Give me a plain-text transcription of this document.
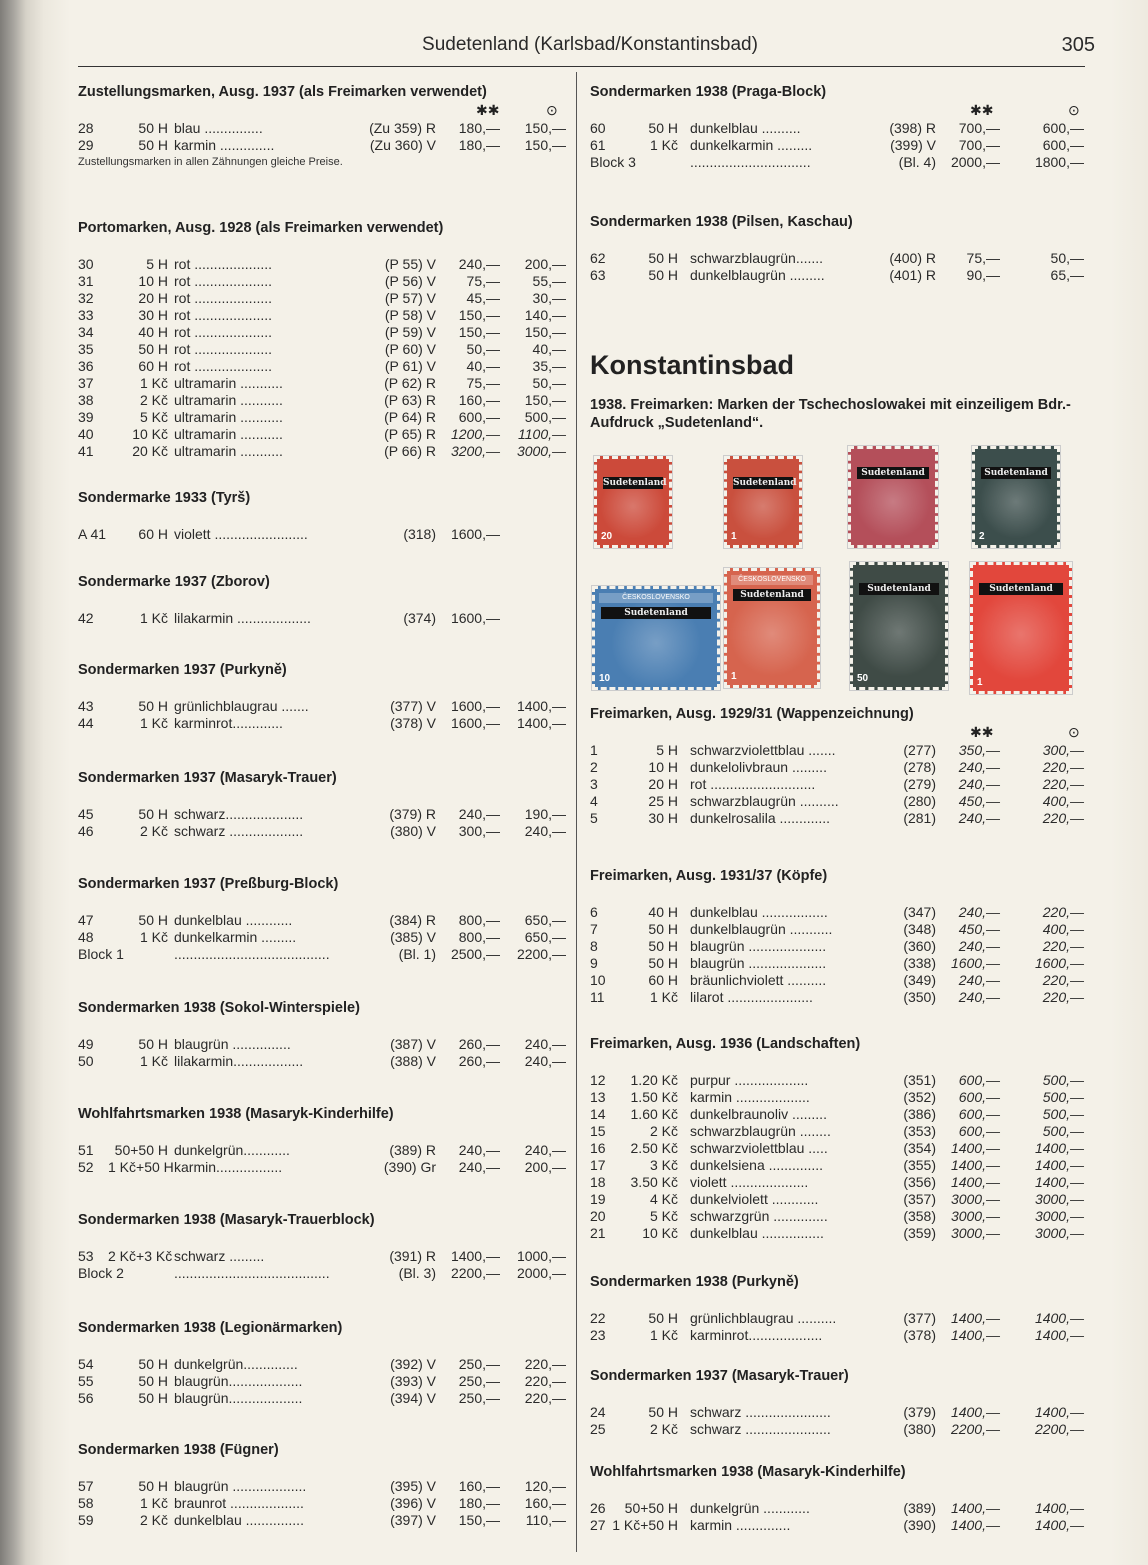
Sudetenland (Karlsbad/Konstantinsbad)	305
Zustellungsmarken, Ausg. 1937 (als Freimarken verwendet)
✱✱	⊙
28	50 H blau ...............	(Zu 359) R	180,—	150,—
29	50 H karmin ..............	(Zu 360) V	180,—	150,—
Zustellungsmarken in allen Zähnungen gleiche Preise.
Portomarken, Ausg. 1928 (als Freimarken verwendet)
30	5 H rot ....................	(P 55) V	240,—	200,—
31	10 H rot ....................	(P 56) V	75,—	55,—
32	20 H rot ....................	(P 57) V	45,—	30,—
33	30 H rot ....................	(P 58) V	150,—	140,—
34	40 H rot ....................	(P 59) V	150,—	150,—
35	50 H rot ....................	(P 60) V	50,—	40,—
36	60 H rot ....................	(P 61) V	40,—	35,—
37	1 Kč ultramarin ...........	(P 62) R	75,—	50,—
38	2 Kč ultramarin ...........	(P 63) R	160,—	150,—
39	5 Kč ultramarin ...........	(P 64) R	600,—	500,—
40	10 Kč ultramarin ...........	(P 65) R	1200,—	1100,—
41	20 Kč ultramarin ...........	(P 66) R	3200,—	3000,—
Sondermarke 1933 (Tyrš)
A 41	60 H violett ........................	(318)	1600,—
Sondermarke 1937 (Zborov)
42	1 Kč lilakarmin ...................	(374)	1600,—
Sondermarken 1937 (Purkyně)
43	50 H grünlichblaugrau .......	(377) V	1600,—	1400,—
44	1 Kč karminrot.............	(378) V	1600,—	1400,—
Sondermarken 1937 (Masaryk-Trauer)
45	50 H schwarz....................	(379) R	240,—	190,—
46	2 Kč schwarz ...................	(380) V	300,—	240,—
Sondermarken 1937 (Preßburg-Block)
47	50 H dunkelblau ............	(384) R	800,—	650,—
48	1 Kč dunkelkarmin .........	(385) V	800,—	650,—
Block 1	........................................	(Bl. 1)	2500,—	2200,—
Sondermarken 1938 (Sokol-Winterspiele)
49	50 H blaugrün ...............	(387) V	260,—	240,—
50	1 Kč lilakarmin..................	(388) V	260,—	240,—
Wohlfahrtsmarken 1938 (Masaryk-Kinderhilfe)
51	50+50 H dunkelgrün............	(389) R	240,—	240,—
52	1 Kč+50 H karmin.................	(390) Gr	240,—	200,—
Sondermarken 1938 (Masaryk-Trauerblock)
53	2 Kč+3 Kč schwarz .........	(391) R	1400,—	1000,—
Block 2	........................................	(Bl. 3)	2200,—	2000,—
Sondermarken 1938 (Legionärmarken)
54	50 H dunkelgrün..............	(392) V	250,—	220,—
55	50 H blaugrün...................	(393) V	250,—	220,—
56	50 H blaugrün...................	(394) V	250,—	220,—
Sondermarken 1938 (Fügner)
57	50 H blaugrün ...................	(395) V	160,—	120,—
58	1 Kč braunrot ...................	(396) V	180,—	160,—
59	2 Kč dunkelblau ...............	(397) V	150,—	110,—
Sondermarken 1938 (Praga-Block)
✱✱	⊙
60	50 H dunkelblau ..........	(398) R	700,—	600,—
61	1 Kč dunkelkarmin .........	(399) V	700,—	600,—
Block 3	...............................	(Bl. 4)	2000,—	1800,—
Sondermarken 1938 (Pilsen, Kaschau)
62	50 H schwarzblaugrün.......	(400) R	75,—	50,—
63	50 H dunkelblaugrün .........	(401) R	90,—	65,—
Konstantinsbad
1938. Freimarken: Marken der Tschechoslowakei mit einzeiligem Bdr.-Aufdruck „Sudetenland“.
Sudetenland
20
Sudetenland
1
Sudetenland	Sudetenland
2
ČESKOSLOVENSKO
Sudetenland
10
ČESKOSLOVENSKO
Sudetenland
1
Sudetenland
50
Sudetenland
1
Freimarken, Ausg. 1929/31 (Wappenzeichnung)
✱✱	⊙
1	5 H schwarzviolettblau .......	(277)	350,—	300,—
2	10 H dunkelolivbraun .........	(278)	240,—	220,—
3	20 H rot ...........................	(279)	240,—	220,—
4	25 H schwarzblaugrün ..........	(280)	450,—	400,—
5	30 H dunkelrosalila .............	(281)	240,—	220,—
Freimarken, Ausg. 1931/37 (Köpfe)
6	40 H dunkelblau .................	(347)	240,—	220,—
7	50 H dunkelblaugrün ...........	(348)	450,—	400,—
8	50 H blaugrün ....................	(360)	240,—	220,—
9	50 H blaugrün ....................	(338)	1600,—	1600,—
10	60 H bräunlichviolett ..........	(349)	240,—	220,—
11	1 Kč lilarot ......................	(350)	240,—	220,—
Freimarken, Ausg. 1936 (Landschaften)
12	1.20 Kč purpur ...................	(351)	600,—	500,—
13	1.50 Kč karmin ...................	(352)	600,—	500,—
14	1.60 Kč dunkelbraunoliv .........	(386)	600,—	500,—
15	2 Kč schwarzblaugrün ........	(353)	600,—	500,—
16	2.50 Kč schwarzviolettblau .....	(354)	1400,—	1400,—
17	3 Kč dunkelsiena ..............	(355)	1400,—	1400,—
18	3.50 Kč violett ....................	(356)	1400,—	1400,—
19	4 Kč dunkelviolett ............	(357)	3000,—	3000,—
20	5 Kč schwarzgrün ..............	(358)	3000,—	3000,—
21	10 Kč dunkelblau ................	(359)	3000,—	3000,—
Sondermarken 1938 (Purkyně)
22	50 H grünlichblaugrau ..........	(377)	1400,—	1400,—
23	1 Kč karminrot...................	(378)	1400,—	1400,—
Sondermarken 1937 (Masaryk-Trauer)
24	50 H schwarz ......................	(379)	1400,—	1400,—
25	2 Kč schwarz ......................	(380)	2200,—	2200,—
Wohlfahrtsmarken 1938 (Masaryk-Kinderhilfe)
26	50+50 H dunkelgrün ............	(389)	1400,—	1400,—
27 1 Kč+50 H karmin ..............	(390)	1400,—	1400,—
